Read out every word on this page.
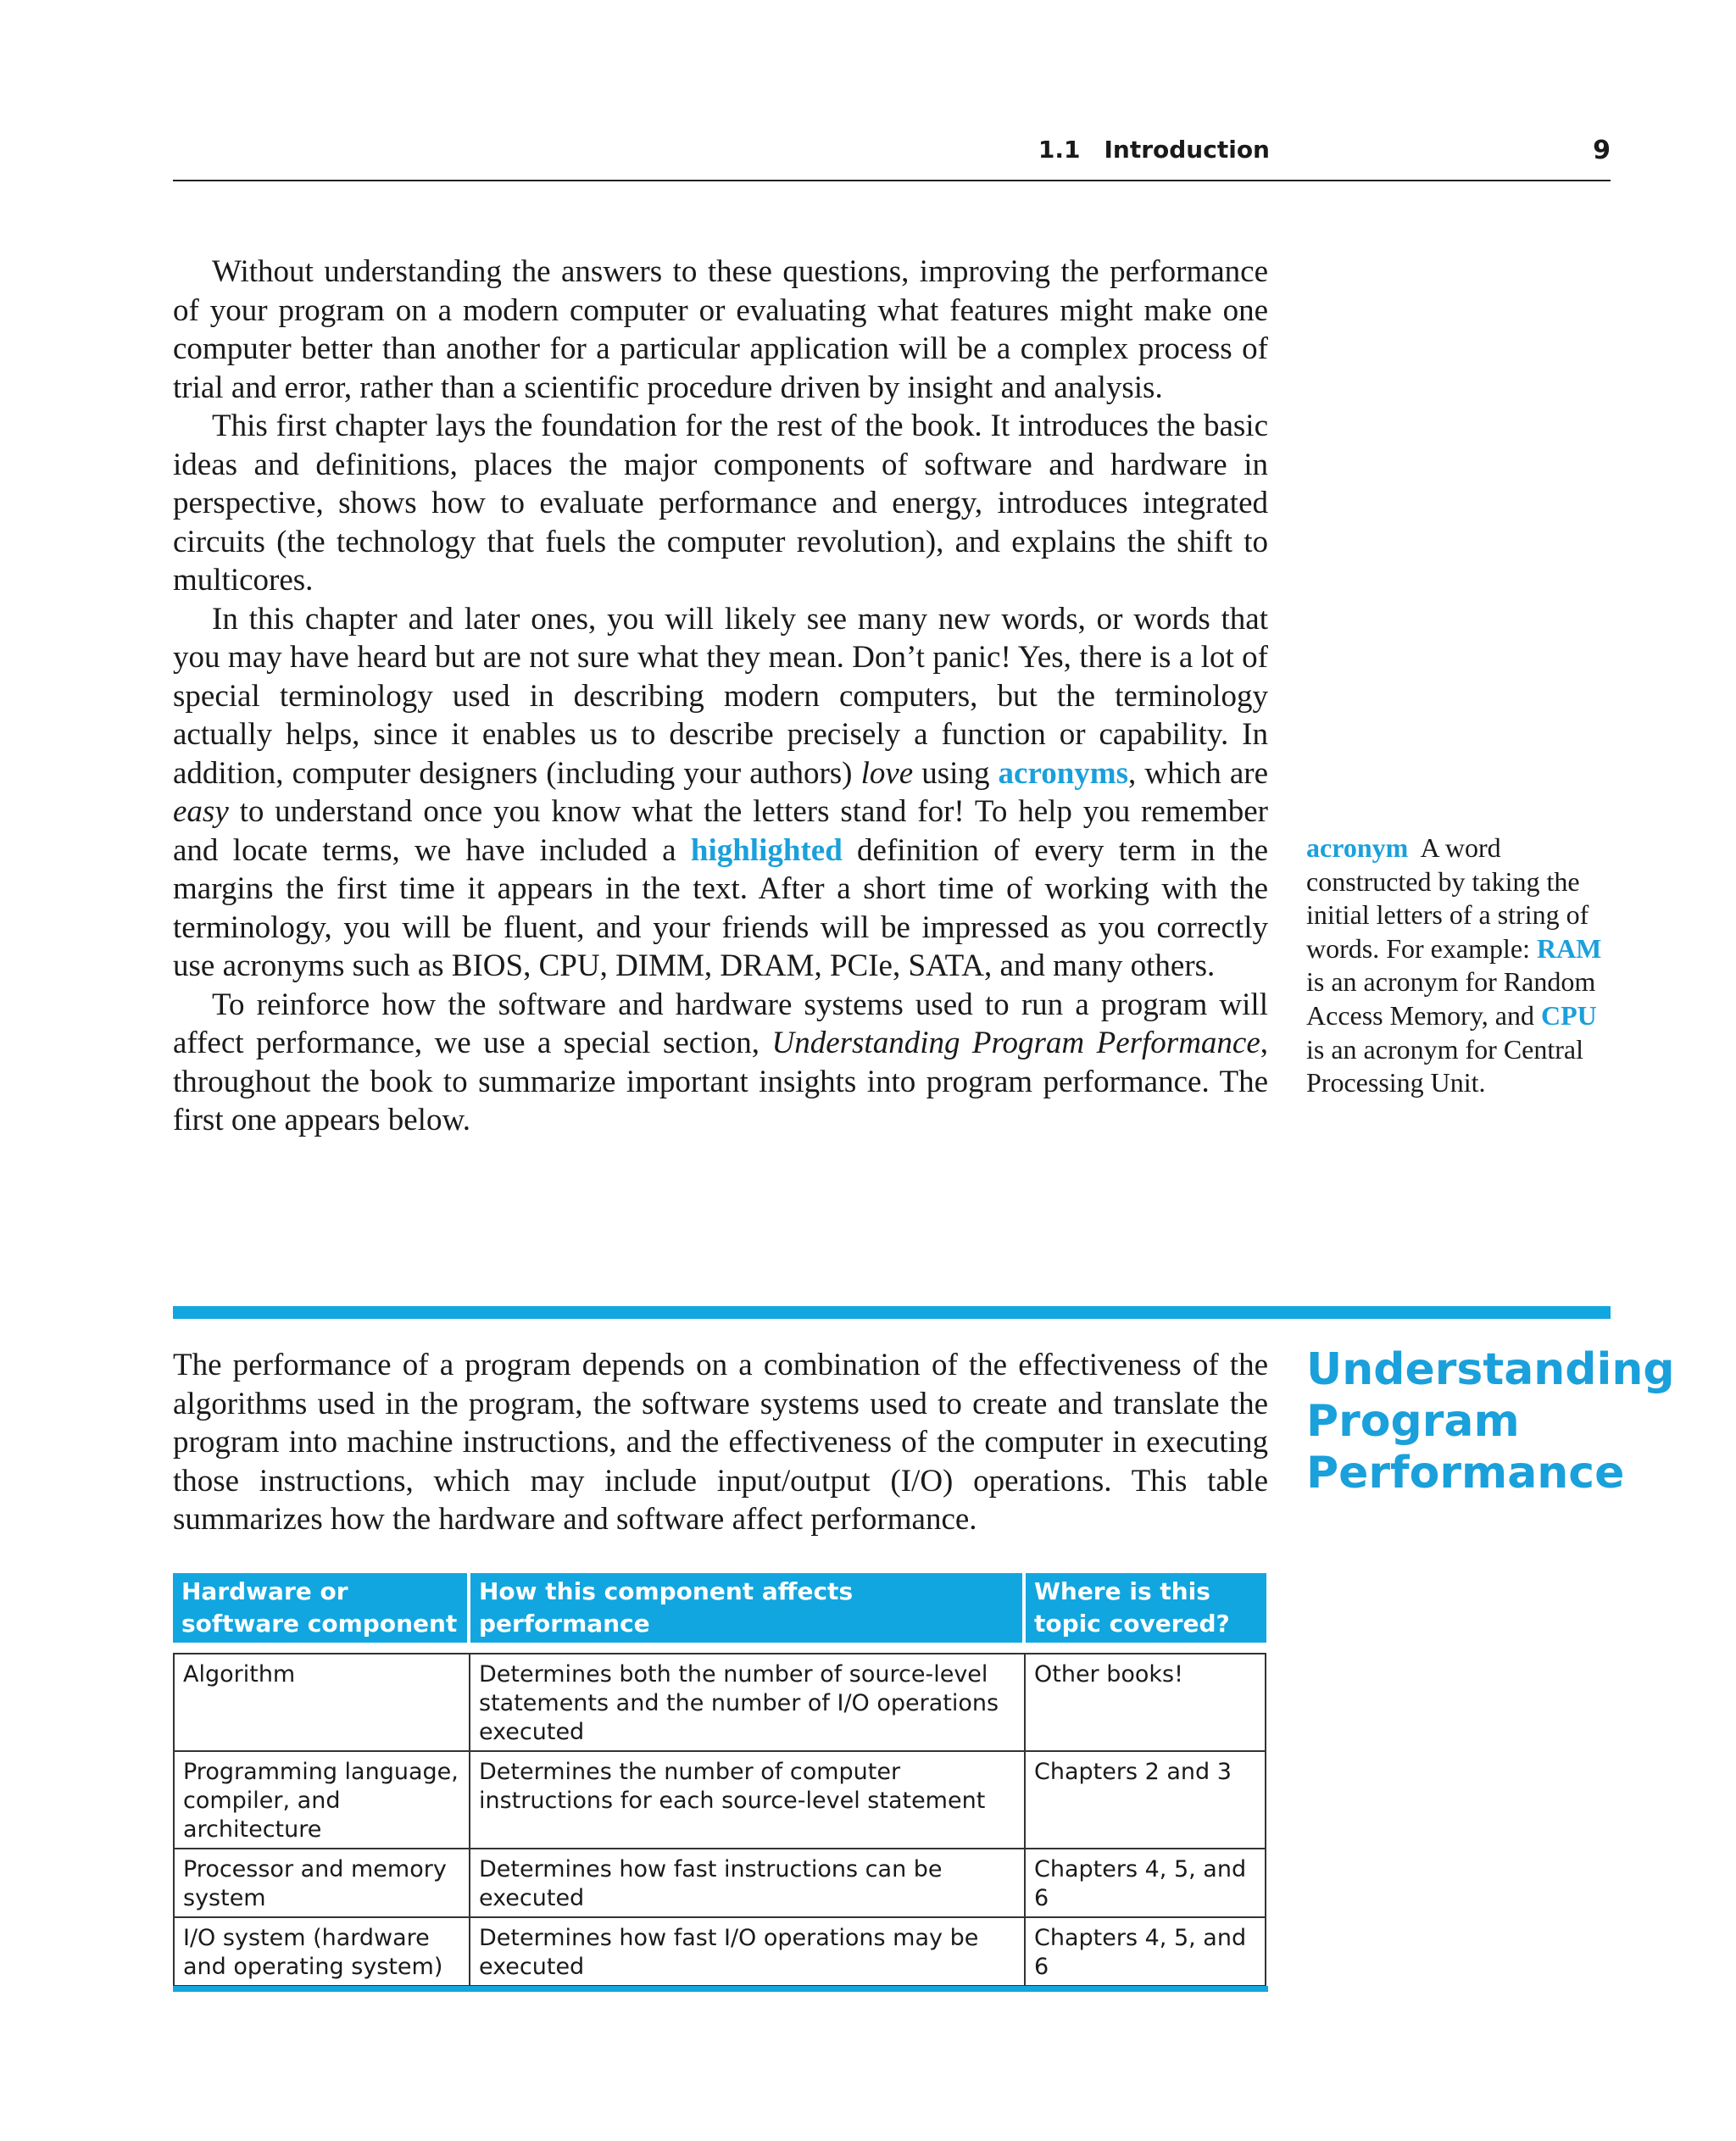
1.1 Introduction	9

Without understanding the answers to these questions, improving the performance of your program on a modern computer or evaluating what features might make one computer better than another for a particular application will be a complex process of trial and error, rather than a scientific procedure driven by insight and analysis.

This first chapter lays the foundation for the rest of the book. It introduces the basic ideas and definitions, places the major components of software and hardware in perspective, shows how to evaluate performance and energy, introduces integrated circuits (the technology that fuels the computer revolution), and explains the shift to multicores.

In this chapter and later ones, you will likely see many new words, or words that you may have heard but are not sure what they mean. Don’t panic! Yes, there is a lot of special terminology used in describing modern computers, but the terminology actually helps, since it enables us to describe precisely a function or capability. In addition, computer designers (including your authors) love using acronyms, which are easy to understand once you know what the letters stand for! To help you remember and locate terms, we have included a highlighted definition of every term in the margins the first time it appears in the text. After a short time of working with the terminology, you will be fluent, and your friends will be impressed as you correctly use acronyms such as BIOS, CPU, DIMM, DRAM, PCIe, SATA, and many others.

To reinforce how the software and hardware systems used to run a program will affect performance, we use a special section, Understanding Program Performance, throughout the book to summarize important insights into program performance. The first one appears below.

acronym A word constructed by taking the initial letters of a string of words. For example: RAM is an acronym for Random Access Memory, and CPU is an acronym for Central Processing Unit.
Understanding
Program
Performance

The performance of a program depends on a combination of the effectiveness of the algorithms used in the program, the software systems used to create and translate the program into machine instructions, and the effectiveness of the computer in executing those instructions, which may include input/output (I/O) operations. This table summarizes how the hardware and software affect performance.

Hardware or software component
How this component affects performance
Where is this topic covered?
Algorithm	Determines both the number of source-level statements and the number of I/O operations executed
Other books!
Programming language, compiler, and architecture
Determines the number of computer instructions for each source-level statement
Chapters 2 and 3
Processor and memory system
Determines how fast instructions can be executed
Chapters 4, 5, and 6
I/O system (hardware and operating system)
Determines how fast I/O operations may be executed
Chapters 4, 5, and 6
